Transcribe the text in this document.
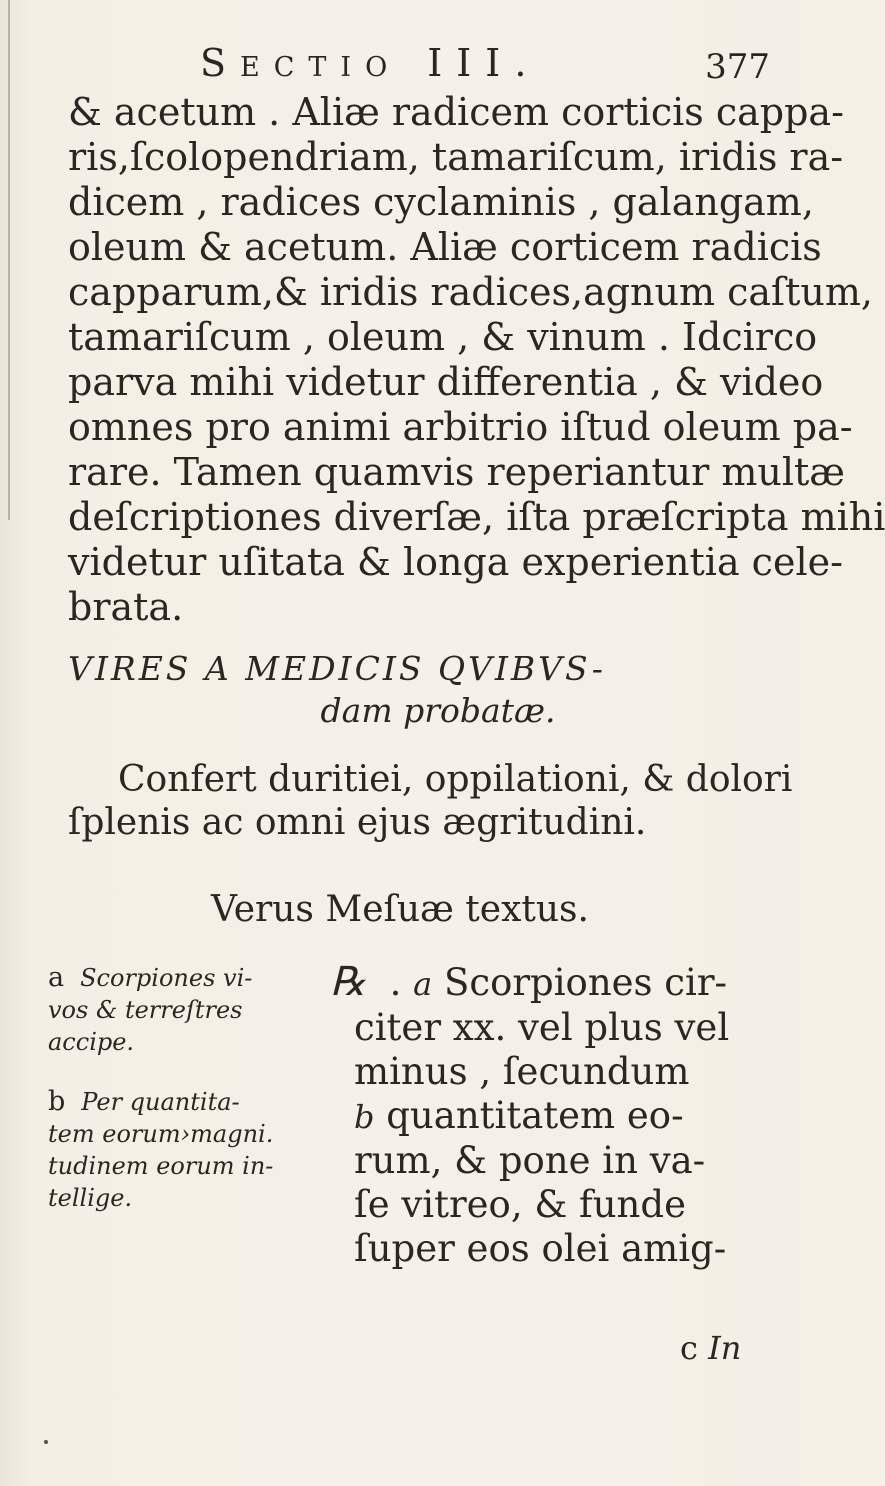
Sectio III.	377
& acetum . Aliæ radicem corticis cappa-
ris,ſcolopendriam, tamariſcum, iridis ra-
dicem , radices cyclaminis , galangam,
oleum & acetum. Aliæ corticem radicis
capparum,& iridis radices,agnum caſtum,
tamariſcum , oleum , & vinum . Idcirco
parva mihi videtur differentia , & video
omnes pro animi arbitrio iſtud oleum pa-
rare. Tamen quamvis reperiantur multæ
deſcriptiones diverſæ, iſta præſcripta mihi
videtur uſitata & longa experientia cele-
brata.
VIRES A MEDICIS QVIBVS-
dam probatæ.
Confert duritiei, oppilationi, & dolori
ſplenis ac omni ejus ægritudini.
Verus Meſuæ textus.
a Scorpiones vi-
vos & terreſtres
accipe.
b Per quantita-
tem eorum›magni.
tudinem eorum in-
tellige.
℞ . a Scorpiones cir-
citer xx. vel plus vel
minus , ſecundum
b quantitatem eo-
rum, & pone in va-
ſe vitreo, & funde
ſuper eos olei amig-
c In
